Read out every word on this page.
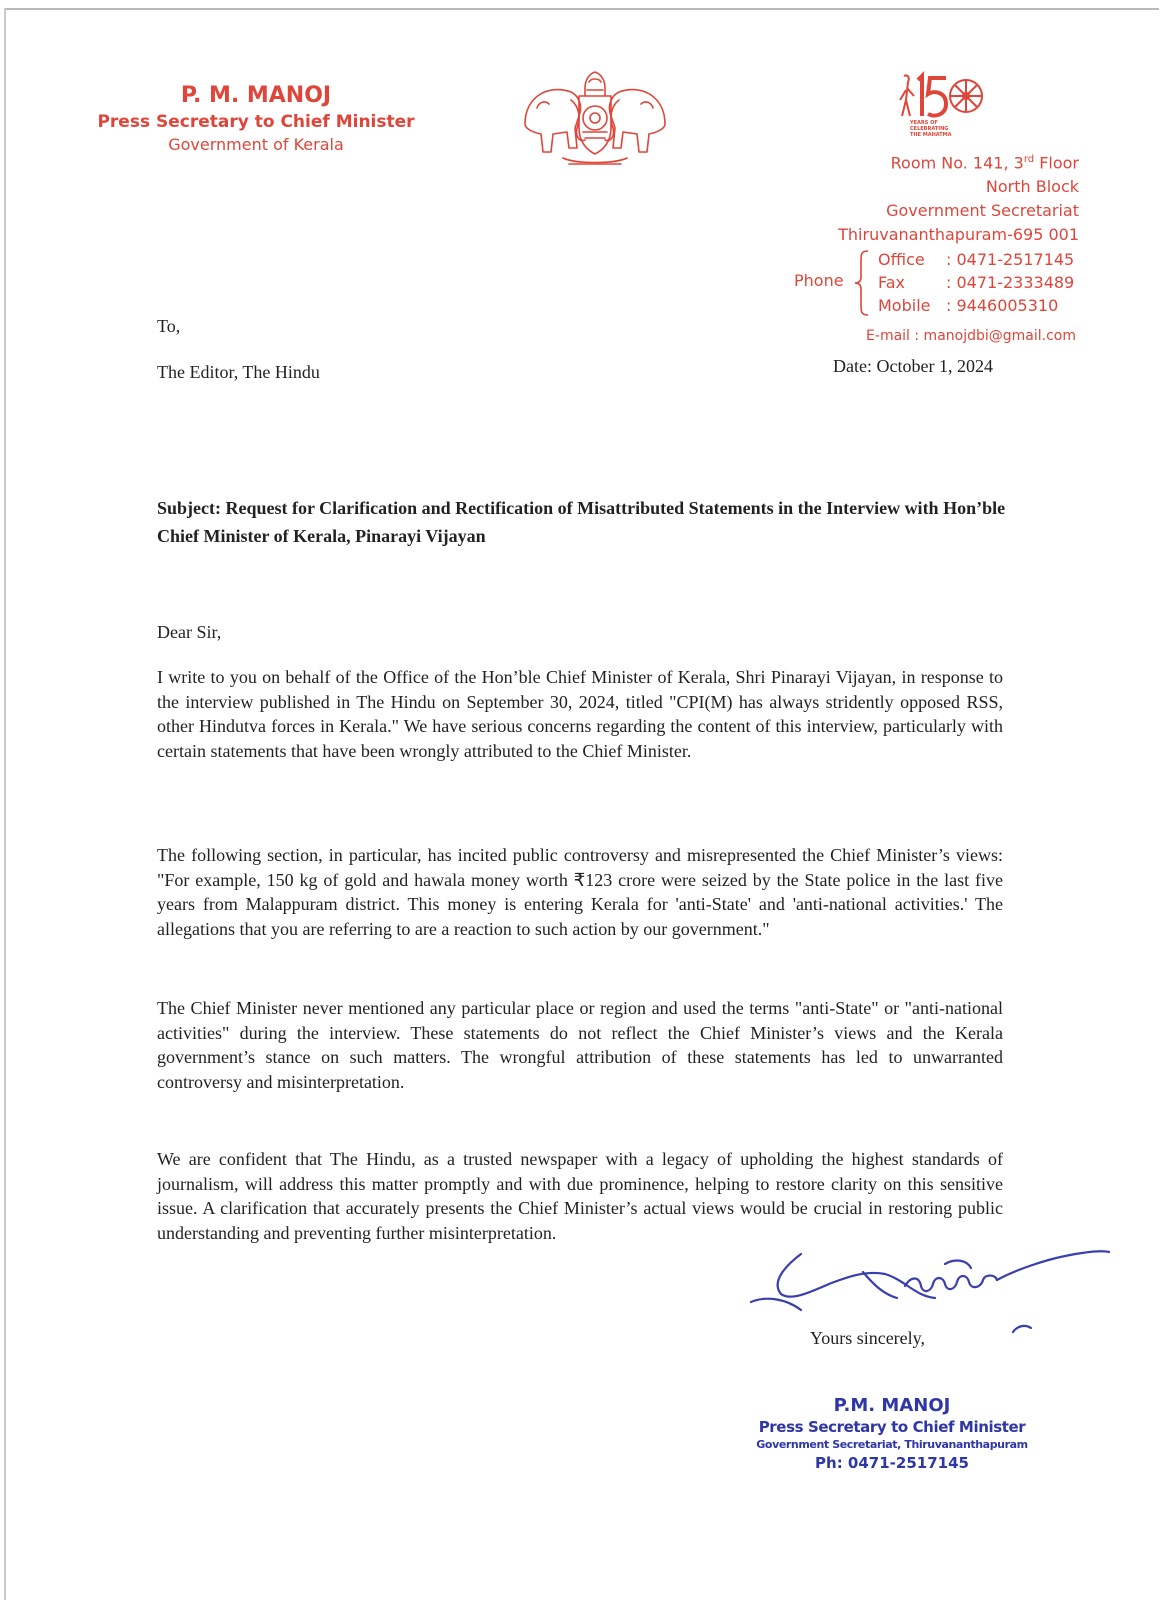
P. M. MANOJ
Press Secretary to Chief Minister
Government of Kerala
YEARS OF
CELEBRATING
THE MAHATMA
Room No. 141, 3rd Floor
North Block
Government Secretariat
Thiruvananthapuram-695 001
Phone
Office : 0471-2517145
Fax	: 0471-2333489
Mobile : 9446005310
E-mail : manojdbi@gmail.com
To,
The Editor, The Hindu	Date: October 1, 2024
Subject: Request for Clarification and Rectification of Misattributed Statements in the Interview with Hon’ble Chief Minister of Kerala, Pinarayi Vijayan
Dear Sir,
I write to you on behalf of the Office of the Hon’ble Chief Minister of Kerala, Shri Pinarayi Vijayan, in response to the interview published in The Hindu on September 30, 2024, titled "CPI(M) has always stridently opposed RSS, other Hindutva forces in Kerala." We have serious concerns regarding the content of this interview, particularly with certain statements that have been wrongly attributed to the Chief Minister.
The following section, in particular, has incited public controversy and misrepresented the Chief Minister’s views: "For example, 150 kg of gold and hawala money worth ₹123 crore were seized by the State police in the last five years from Malappuram district. This money is entering Kerala for 'anti-State' and 'anti-national activities.' The allegations that you are referring to are a reaction to such action by our government."
The Chief Minister never mentioned any particular place or region and used the terms "anti-State" or "anti-national activities" during the interview. These statements do not reflect the Chief Minister’s views and the Kerala government’s stance on such matters. The wrongful attribution of these statements has led to unwarranted controversy and misinterpretation.
We are confident that The Hindu, as a trusted newspaper with a legacy of upholding the highest standards of journalism, will address this matter promptly and with due prominence, helping to restore clarity on this sensitive issue. A clarification that accurately presents the Chief Minister’s actual views would be crucial in restoring public understanding and preventing further misinterpretation.
Yours sincerely,
P.M. MANOJ
Press Secretary to Chief Minister
Government Secretariat, Thiruvananthapuram
Ph: 0471-2517145
